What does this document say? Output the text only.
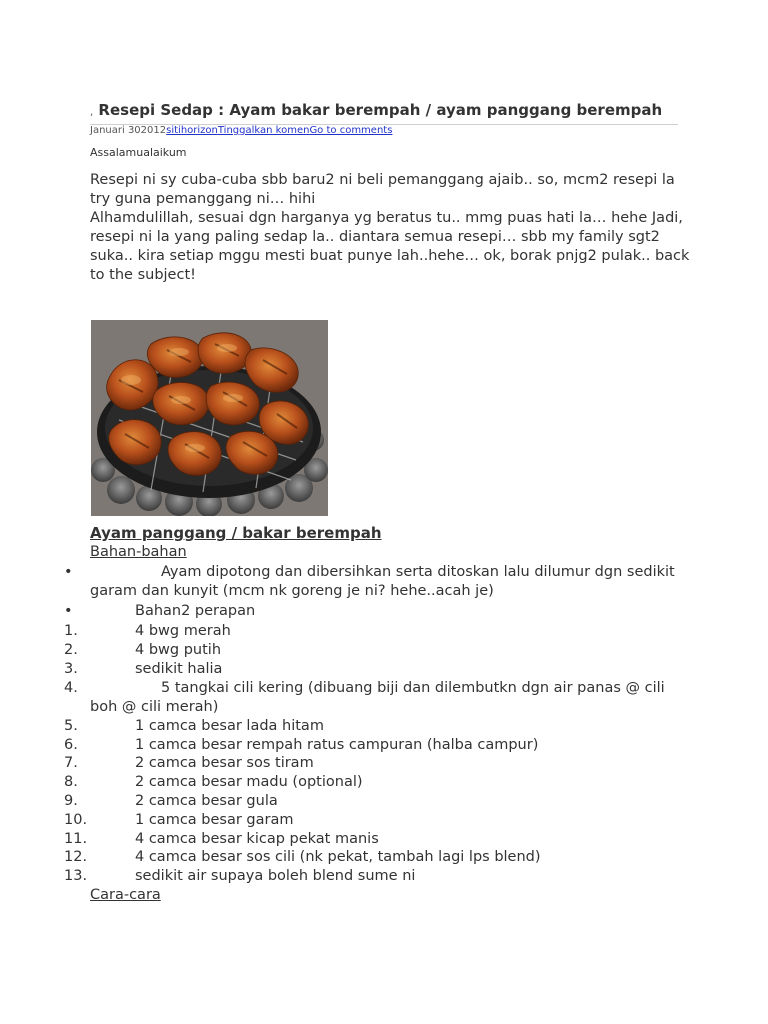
, Resepi Sedap : Ayam bakar berempah / ayam panggang berempah
Januari 302012sitihorizonTinggalkan komenGo to comments
Assalamualaikum
Resepi ni sy cuba-cuba sbb baru2 ni beli pemanggang ajaib.. so, mcm2 resepi la try guna pemanggang ni… hihi
Alhamdulillah, sesuai dgn harganya yg beratus tu.. mmg puas hati la… hehe Jadi, resepi ni la yang paling sedap la.. diantara semua resepi… sbb my family sgt2 suka.. kira setiap mggu mesti buat punye lah..hehe… ok, borak pnjg2 pulak.. back to the subject!
Ayam panggang / bakar berempah
Bahan-bahan
•	Ayam dipotong dan dibersihkan serta ditoskan lalu dilumur dgn sedikit garam dan kunyit (mcm nk goreng je ni? hehe..acah je)
•	Bahan2 perapan
1.	4 bwg merah
2.	4 bwg putih
3.	sedikit halia
4.	5 tangkai cili kering (dibuang biji dan dilembutkn dgn air panas @ cili boh @ cili merah)
5.	1 camca besar lada hitam
6.	1 camca besar rempah ratus campuran (halba campur)
7.	2 camca besar sos tiram
8.	2 camca besar madu (optional)
9.	2 camca besar gula
10.	1 camca besar garam
11.	4 camca besar kicap pekat manis
12.	4 camca besar sos cili (nk pekat, tambah lagi lps blend)
13.	sedikit air supaya boleh blend sume ni
Cara-cara
